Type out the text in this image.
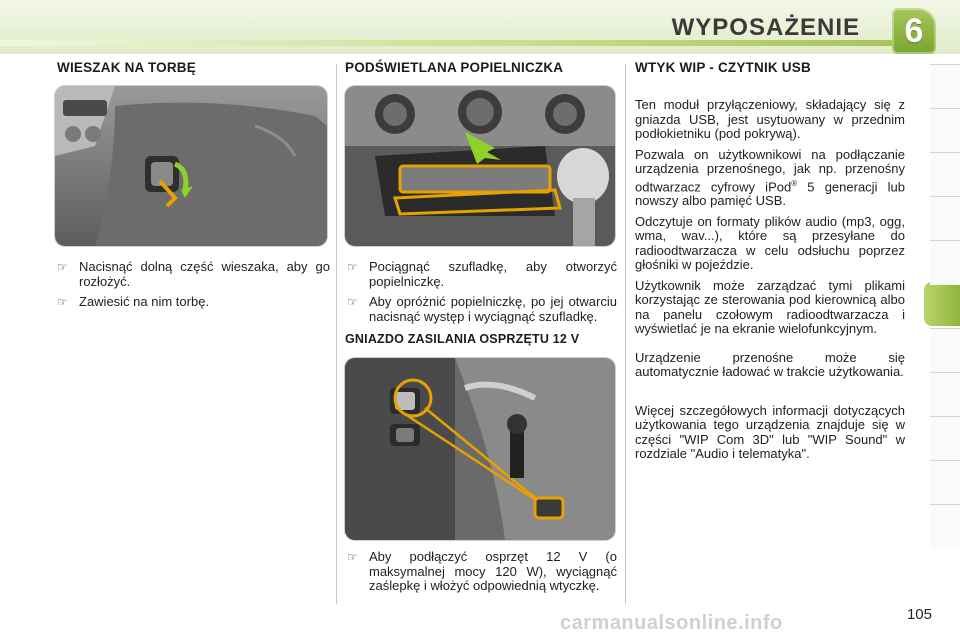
WYPOSAŻENIE	6
WIESZAK NA TORBĘ
☞ Nacisnąć dolną część wieszaka, aby go rozłożyć.
☞ Zawiesić na nim torbę.
PODŚWIETLANA POPIELNICZKA
☞ Pociągnąć szufladkę, aby otworzyć popielniczkę.
☞ Aby opróżnić popielniczkę, po jej otwarciu nacisnąć występ i wyciągnąć szufladkę.
GNIAZDO ZASILANIA OSPRZĘTU 12 V
☞ Aby podłączyć osprzęt 12 V (o maksymalnej mocy 120 W), wyciągnąć zaślepkę i włożyć odpowiednią wtyczkę.
WTYK WIP - CZYTNIK USB

Ten moduł przyłączeniowy, składający się z gniazda USB, jest usytuowany w przednim podłokietniku (pod pokrywą).

Pozwala on użytkownikowi na podłączanie urządzenia przenośnego, jak np. przenośny odtwarzacz cyfrowy iPod® 5 generacji lub nowszy albo pamięć USB.

Odczytuje on formaty plików audio (mp3, ogg, wma, wav...), które są przesyłane do radioodtwarzacza w celu odsłuchu poprzez głośniki w pojeździe.

Użytkownik może zarządzać tymi plikami korzystając ze sterowania pod kierownicą albo na panelu czołowym radioodtwarzacza i wyświetlać je na ekranie wielofunkcyjnym.

Urządzenie przenośne może się automatycznie ładować w trakcie użytkowania.

Więcej szczegółowych informacji dotyczących użytkowania tego urządzenia znajduje się w części "WIP Com 3D" lub "WIP Sound" w rozdziale "Audio i telematyka".

carmanualsonline.info	105
